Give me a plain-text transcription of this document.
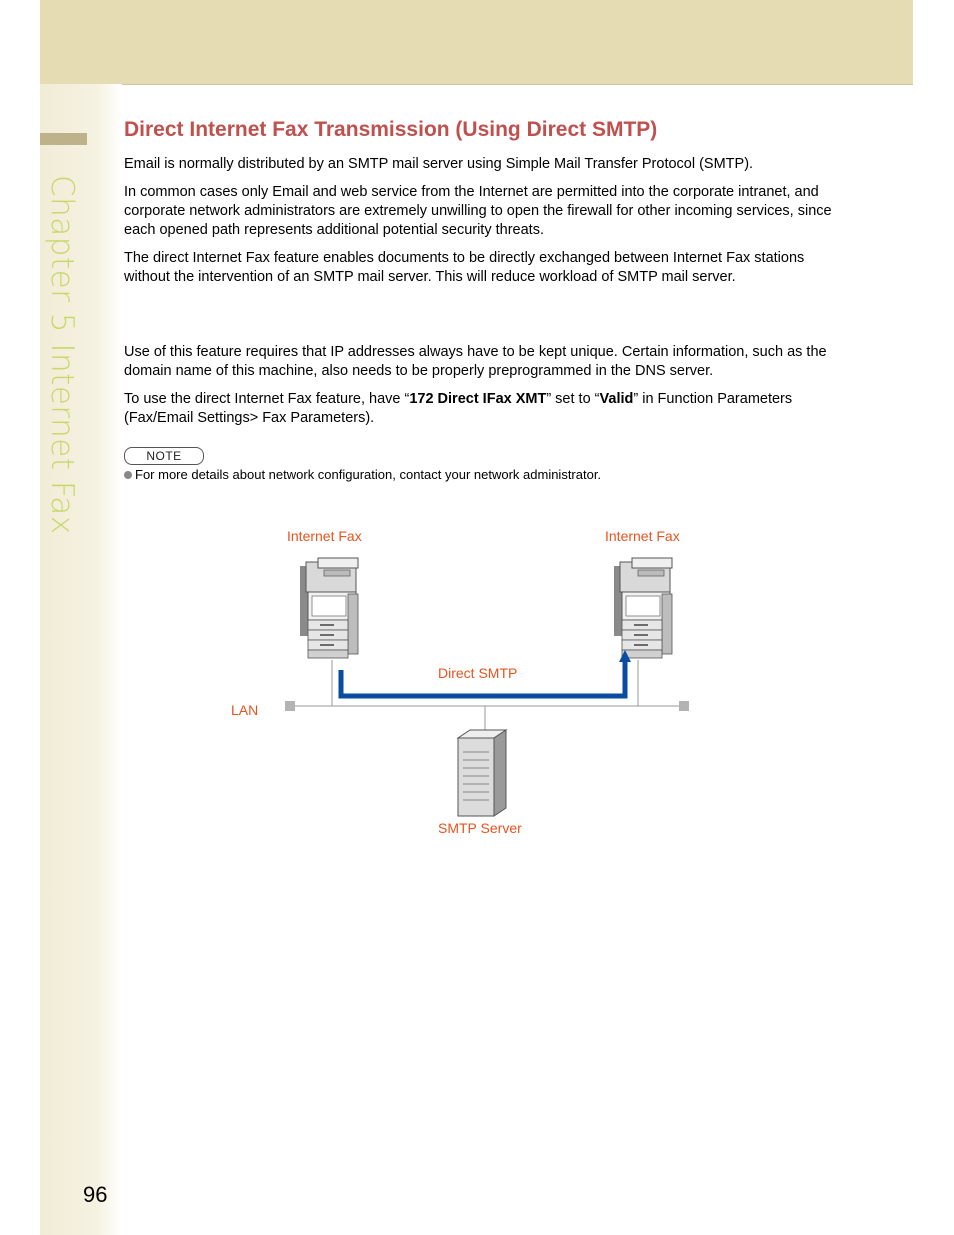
Chapter 5 Internet Fax
Direct Internet Fax Transmission (Using Direct SMTP)

Email is normally distributed by an SMTP mail server using Simple Mail Transfer Protocol (SMTP).

In common cases only Email and web service from the Internet are permitted into the corporate intranet, and corporate network administrators are extremely unwilling to open the firewall for other incoming services, since each opened path represents additional potential security threats.

The direct Internet Fax feature enables documents to be directly exchanged between Internet Fax stations without the intervention of an SMTP mail server. This will reduce workload of SMTP mail server.

Use of this feature requires that IP addresses always have to be kept unique. Certain information, such as the domain name of this machine, also needs to be properly preprogrammed in the DNS server.

To use the direct Internet Fax feature, have “172 Direct IFax XMT” set to “Valid” in Function Parameters (Fax/Email Settings> Fax Parameters).

NOTE
For more details about network configuration, contact your network administrator.
Internet Fax	Internet Fax
Direct SMTP
LAN
SMTP Server
96
